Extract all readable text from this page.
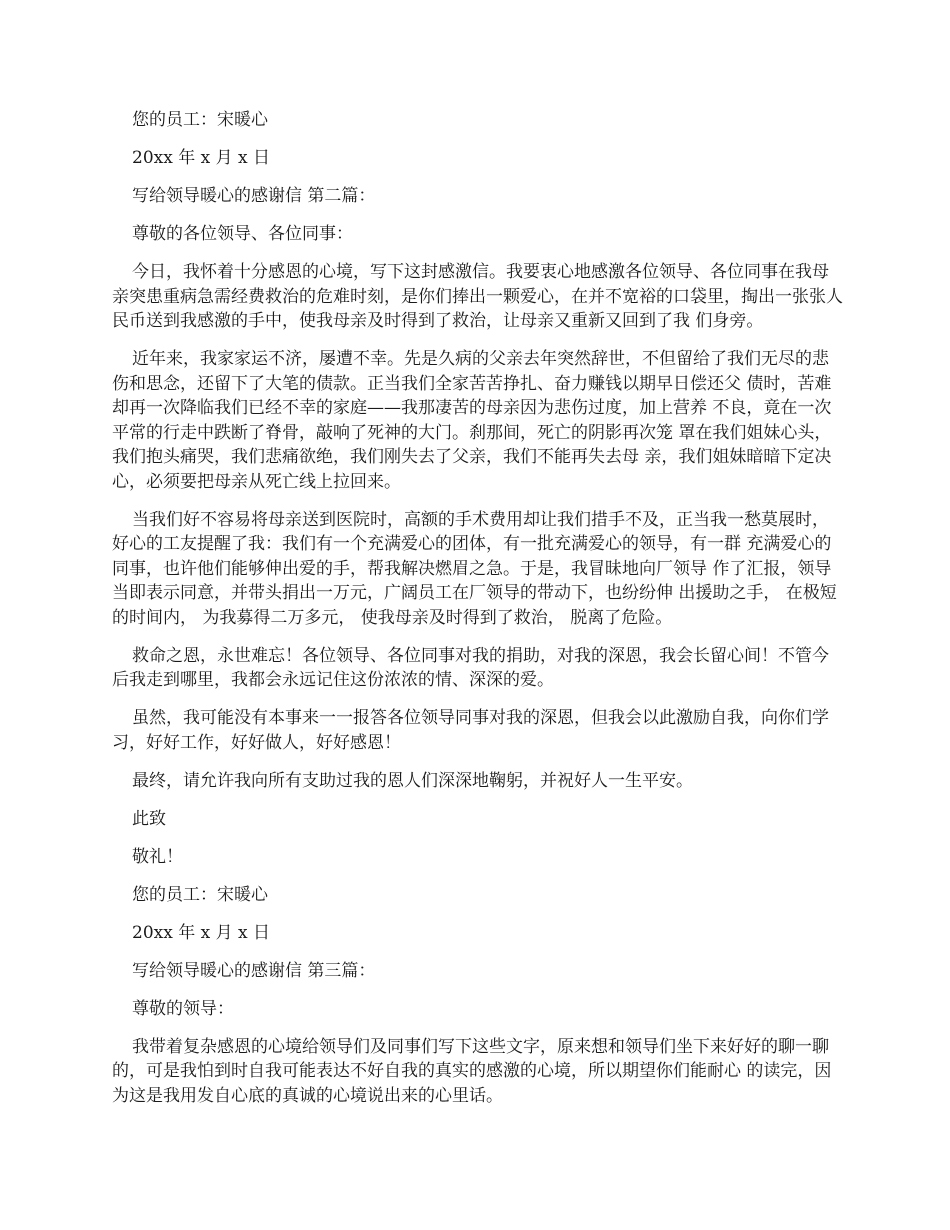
您的员工：宋暖心

20xx 年 x 月 x 日

写给领导暖心的感谢信 第二篇：

尊敬的各位领导、各位同事：

今日，我怀着十分感恩的心境，写下这封感激信。我要衷心地感激各位领导、各位同事在我母亲突患重病急需经费救治的危难时刻，是你们捧出一颗爱心，在并不宽裕的口袋里，掏出一张张人民币送到我感激的手中，使我母亲及时得到了救治，让母亲又重新又回到了我 们身旁。

近年来，我家家运不济，屡遭不幸。先是久病的父亲去年突然辞世，不但留给了我们无尽的悲伤和思念，还留下了大笔的债款。正当我们全家苦苦挣扎、奋力赚钱以期早日偿还父 债时，苦难却再一次降临我们已经不幸的家庭——我那凄苦的母亲因为悲伤过度，加上营养 不良，竟在一次平常的行走中跌断了脊骨，敲响了死神的大门。刹那间，死亡的阴影再次笼 罩在我们姐妹心头，我们抱头痛哭，我们悲痛欲绝，我们刚失去了父亲，我们不能再失去母 亲，我们姐妹暗暗下定决心，必须要把母亲从死亡线上拉回来。

当我们好不容易将母亲送到医院时，高额的手术费用却让我们措手不及，正当我一愁莫展时，好心的工友提醒了我：我们有一个充满爱心的团体，有一批充满爱心的领导，有一群 充满爱心的同事，也许他们能够伸出爱的手，帮我解决燃眉之急。于是，我冒昧地向厂领导 作了汇报，领导当即表示同意，并带头捐出一万元，广阔员工在厂领导的带动下，也纷纷伸 出援助之手， 在极短的时间内， 为我募得二万多元， 使我母亲及时得到了救治， 脱离了危险。

救命之恩，永世难忘！各位领导、各位同事对我的捐助，对我的深恩，我会长留心间！不管今后我走到哪里，我都会永远记住这份浓浓的情、深深的爱。

虽然，我可能没有本事来一一报答各位领导同事对我的深恩，但我会以此激励自我，向你们学习，好好工作，好好做人，好好感恩！

最终，请允许我向所有支助过我的恩人们深深地鞠躬，并祝好人一生平安。

此致

敬礼！

您的员工：宋暖心

20xx 年 x 月 x 日

写给领导暖心的感谢信 第三篇：

尊敬的领导：

我带着复杂感恩的心境给领导们及同事们写下这些文字，原来想和领导们坐下来好好的聊一聊的，可是我怕到时自我可能表达不好自我的真实的感激的心境，所以期望你们能耐心 的读完，因为这是我用发自心底的真诚的心境说出来的心里话。
